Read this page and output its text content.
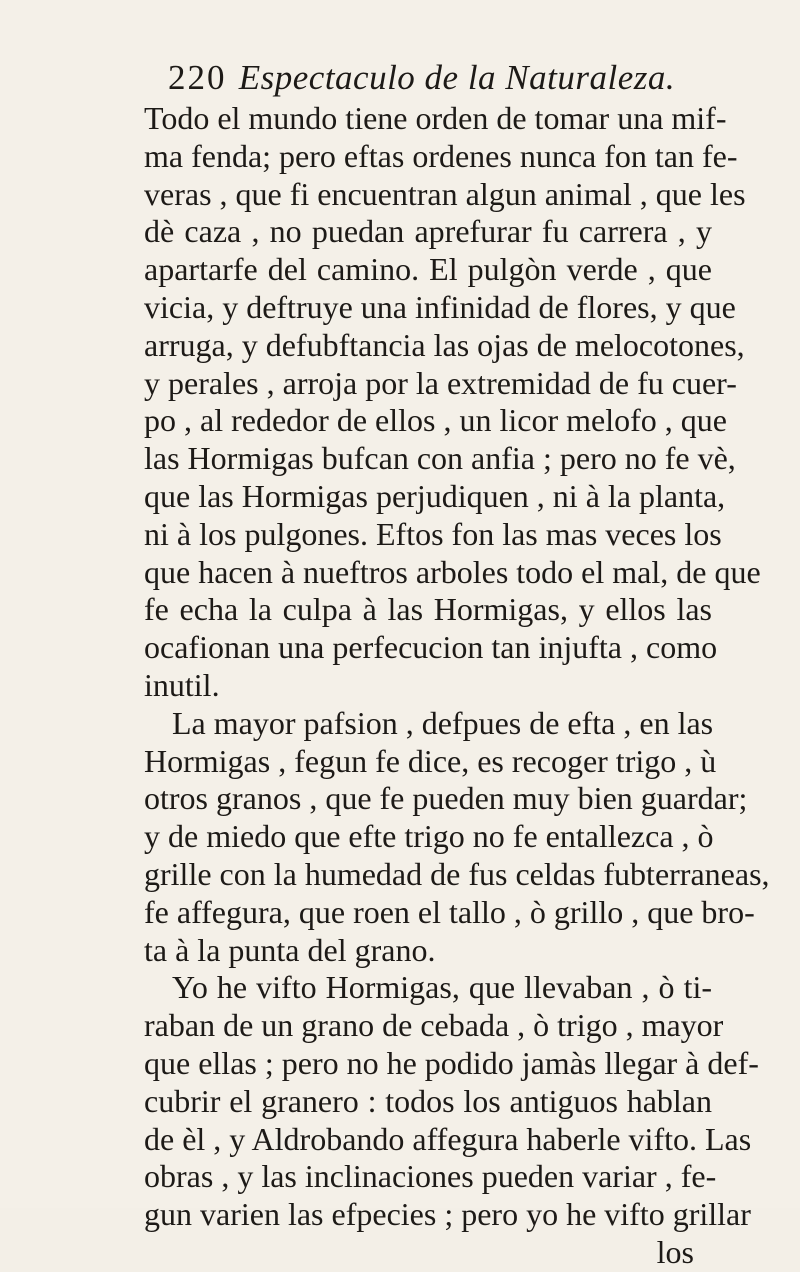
220 Espectaculo de la Naturaleza.
Todo el mundo tiene orden de tomar una mif-
ma fenda; pero eftas ordenes nunca fon tan fe-
veras , que fi encuentran algun animal , que les
dè caza , no puedan aprefurar fu carrera , y
apartarfe del camino. El pulgòn verde , que
vicia, y deftruye una infinidad de flores, y que
arruga, y defubftancia las ojas de melocotones,
y perales , arroja por la extremidad de fu cuer-
po , al rededor de ellos , un licor melofo , que
las Hormigas bufcan con anfia ; pero no fe vè,
que las Hormigas perjudiquen , ni à la planta,
ni à los pulgones. Eftos fon las mas veces los
que hacen à nueftros arboles todo el mal, de que
fe echa la culpa à las Hormigas, y ellos las
ocafionan una perfecucion tan injufta , como
inutil.
La mayor pafsion , defpues de efta , en las
Hormigas , fegun fe dice, es recoger trigo , ù
otros granos , que fe pueden muy bien guardar;
y de miedo que efte trigo no fe entallezca , ò
grille con la humedad de fus celdas fubterraneas,
fe affegura, que roen el tallo , ò grillo , que bro-
ta à la punta del grano.
Yo he vifto Hormigas, que llevaban , ò ti-
raban de un grano de cebada , ò trigo , mayor
que ellas ; pero no he podido jamàs llegar à def-
cubrir el granero : todos los antiguos hablan
de èl , y Aldrobando affegura haberle vifto. Las
obras , y las inclinaciones pueden variar , fe-
gun varien las efpecies ; pero yo he vifto grillar
los
